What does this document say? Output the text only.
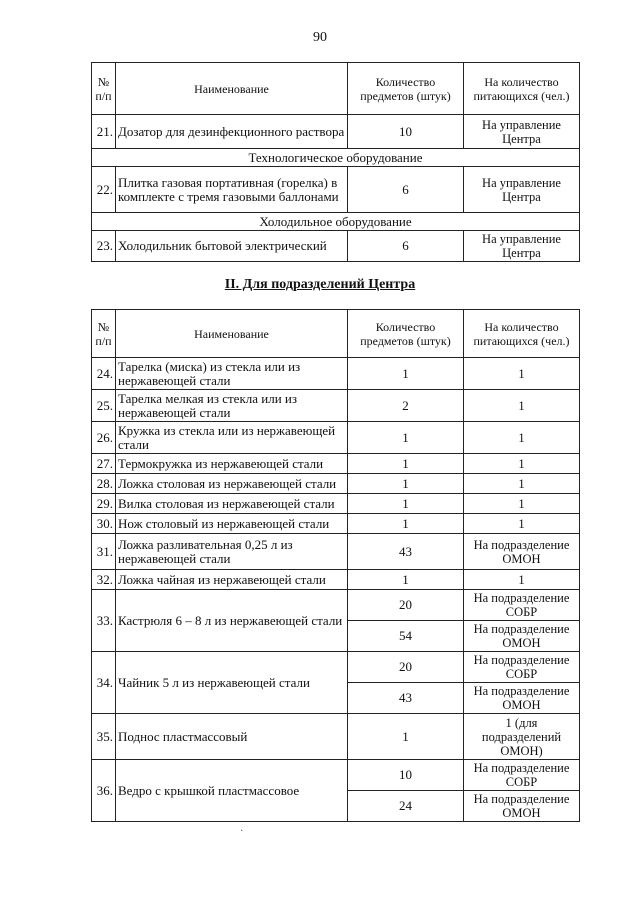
90
№ п/п	Наименование	Количество предметов (штук)	На количество питающихся (чел.)
21.	Дозатор для дезинфекционного раствора	10	На управление Центра
Технологическое оборудование			
22.	Плитка газовая портативная (горелка) в комплекте с тремя газовыми баллонами	6	На управление Центра
Холодильное оборудование			
23.	Холодильник бытовой электрический	6	На управление Центра
II. Для подразделений Центра
№ п/п	Наименование	Количество предметов (штук)	На количество питающихся (чел.)
24.	Тарелка (миска) из стекла или из нержавеющей стали	1	1
25.	Тарелка мелкая из стекла или из нержавеющей стали	2	1
26.	Кружка из стекла или из нержавеющей стали	1	1
27.	Термокружка из нержавеющей стали	1	1
28.	Ложка столовая из нержавеющей стали	1	1
29.	Вилка столовая из нержавеющей стали	1	1
30.	Нож столовый из нержавеющей стали	1	1
31.	Ложка разливательная 0,25 л из нержавеющей стали	43	На подразделение ОМОН
32.	Ложка чайная из нержавеющей стали	1	1
33.	Кастрюля 6 – 8 л из нержавеющей стали	20	На подразделение СОБР
		54	На подразделение ОМОН
34.	Чайник 5 л из нержавеющей стали	20	На подразделение СОБР
		43	На подразделение ОМОН
35.	Поднос пластмассовый	1	1 (для подразделений ОМОН)
36.	Ведро с крышкой пластмассовое	10	На подразделение СОБР
		24	На подразделение ОМОН
·
